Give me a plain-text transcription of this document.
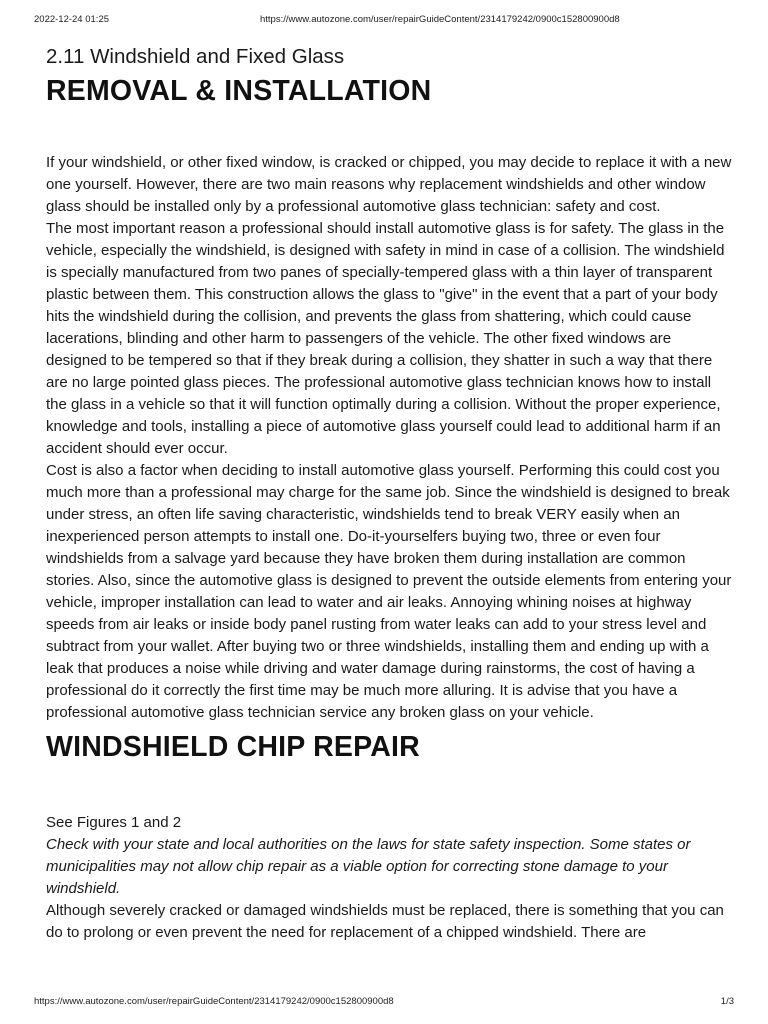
2022-12-24 01:25	https://www.autozone.com/user/repairGuideContent/2314179242/0900c152800900d8
2.11 Windshield and Fixed Glass
REMOVAL & INSTALLATION

If your windshield, or other fixed window, is cracked or chipped, you may decide to replace it with a new one yourself. However, there are two main reasons why replacement windshields and other window glass should be installed only by a professional automotive glass technician: safety and cost.

The most important reason a professional should install automotive glass is for safety. The glass in the vehicle, especially the windshield, is designed with safety in mind in case of a collision. The windshield is specially manufactured from two panes of specially-tempered glass with a thin layer of transparent plastic between them. This construction allows the glass to "give" in the event that a part of your body hits the windshield during the collision, and prevents the glass from shattering, which could cause lacerations, blinding and other harm to passengers of the vehicle. The other fixed windows are designed to be tempered so that if they break during a collision, they shatter in such a way that there are no large pointed glass pieces. The professional automotive glass technician knows how to install the glass in a vehicle so that it will function optimally during a collision. Without the proper experience, knowledge and tools, installing a piece of automotive glass yourself could lead to additional harm if an accident should ever occur.

Cost is also a factor when deciding to install automotive glass yourself. Performing this could cost you much more than a professional may charge for the same job. Since the windshield is designed to break under stress, an often life saving characteristic, windshields tend to break VERY easily when an inexperienced person attempts to install one. Do-it-yourselfers buying two, three or even four windshields from a salvage yard because they have broken them during installation are common stories. Also, since the automotive glass is designed to prevent the outside elements from entering your vehicle, improper installation can lead to water and air leaks. Annoying whining noises at highway speeds from air leaks or inside body panel rusting from water leaks can add to your stress level and subtract from your wallet. After buying two or three windshields, installing them and ending up with a leak that produces a noise while driving and water damage during rainstorms, the cost of having a professional do it correctly the first time may be much more alluring. It is advise that you have a professional automotive glass technician service any broken glass on your vehicle.

WINDSHIELD CHIP REPAIR

See Figures 1 and 2

Check with your state and local authorities on the laws for state safety inspection. Some states or municipalities may not allow chip repair as a viable option for correcting stone damage to your windshield.

Although severely cracked or damaged windshields must be replaced, there is something that you can do to prolong or even prevent the need for replacement of a chipped windshield. There are

https://www.autozone.com/user/repairGuideContent/2314179242/0900c152800900d8	1/3
